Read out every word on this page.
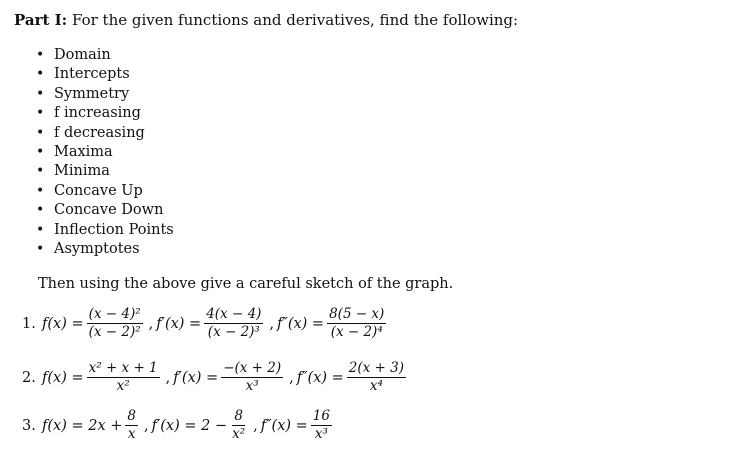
Part I: For the given functions and derivatives, find the following:
• Domain
• Intercepts
• Symmetry
• f increasing
• f decreasing
• Maxima
• Minima
• Concave Up
• Concave Down
• Inflection Points
• Asymptotes
Then using the above give a careful sketch of the graph.
1. $f(x) = \frac{\text{(x − 4)²}}{\text{(x − 2)²}}$ , $f'(x) = \frac{4(x - 4)}{\text{(x − 2)³}}$ , $f''(x) = \frac{8(5 - x)}{\text{(x − 2)⁴}}$
2. $f(x) = \frac{\text{x² + x + 1}}{\text{x²}}$ , $f'(x) = \frac{-(x + 2)}{\text{x³}}$ , $f''(x) = \frac{2(x + 3)}{\text{x⁴}}$
3. $f(x) = 2x + \frac{8}{x}$ , $f'(x) = 2 - \frac{8}{\text{x²}}$ , $f''(x) = \frac{16}{\text{x³}}$
